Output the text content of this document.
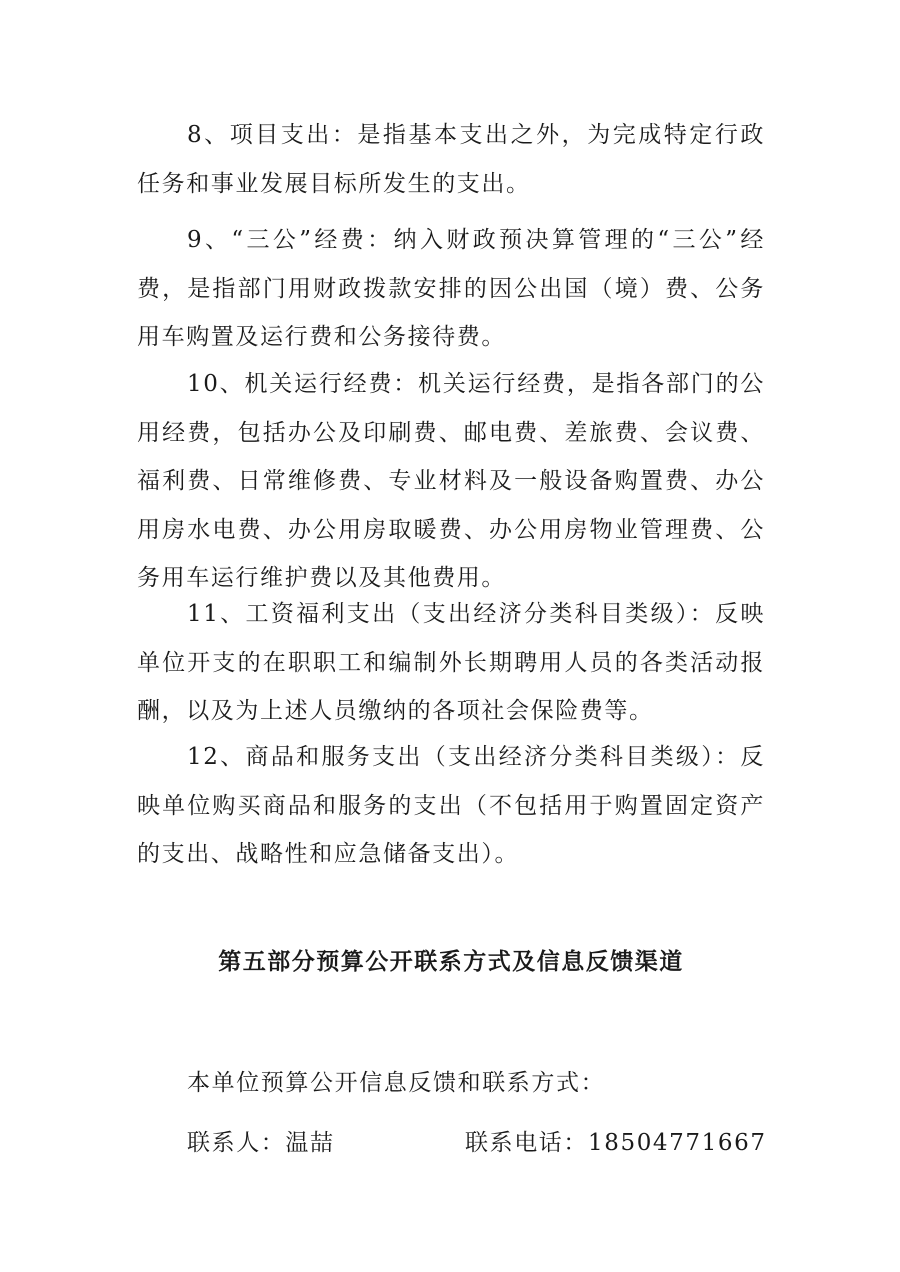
8、项目支出：是指基本支出之外，为完成特定行政任务和事业发展目标所发生的支出。

9、“三公”经费：纳入财政预决算管理的“三公”经费，是指部门用财政拨款安排的因公出国（境）费、公务用车购置及运行费和公务接待费。

10、机关运行经费：机关运行经费，是指各部门的公用经费，包括办公及印刷费、邮电费、差旅费、会议费、福利费、日常维修费、专业材料及一般设备购置费、办公用房水电费、办公用房取暖费、办公用房物业管理费、公务用车运行维护费以及其他费用。

11、工资福利支出（支出经济分类科目类级）：反映单位开支的在职职工和编制外长期聘用人员的各类活动报酬，以及为上述人员缴纳的各项社会保险费等。

12、商品和服务支出（支出经济分类科目类级）：反映单位购买商品和服务的支出（不包括用于购置固定资产的支出、战略性和应急储备支出）。

第五部分预算公开联系方式及信息反馈渠道

本单位预算公开信息反馈和联系方式：

联系人：温喆	联系电话：18504771667
